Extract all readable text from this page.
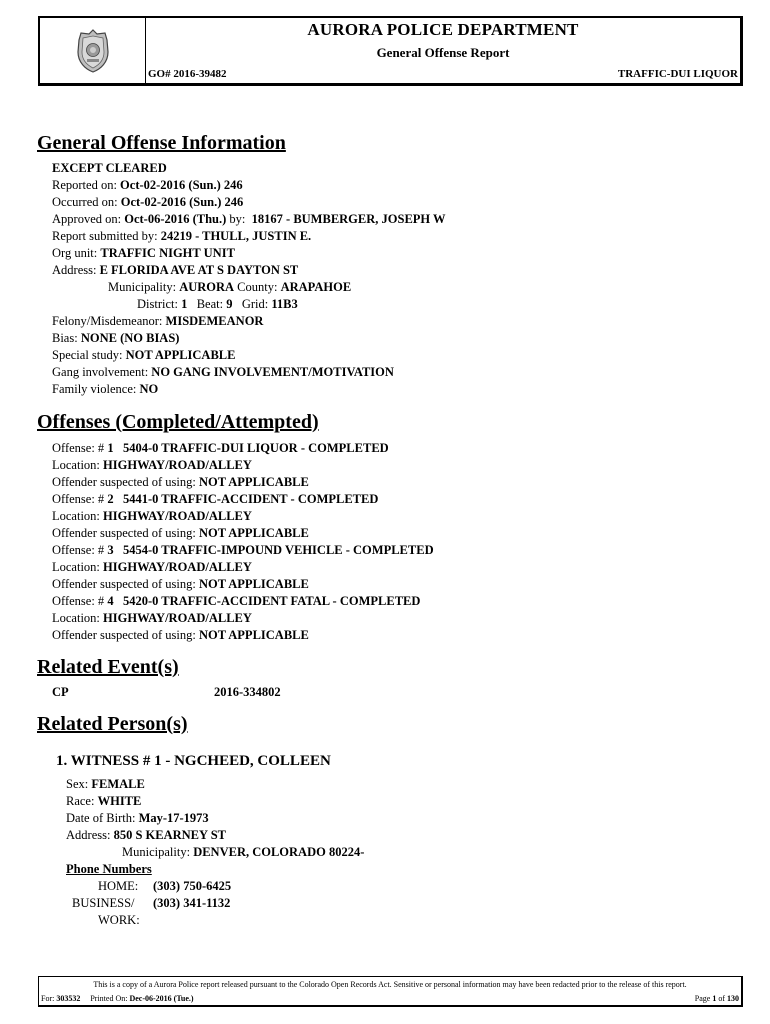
AURORA POLICE DEPARTMENT
General Offense Report
GO# 2016-39482	TRAFFIC-DUI LIQUOR
General Offense Information
EXCEPT CLEARED
Reported on: Oct-02-2016 (Sun.) 246
Occurred on: Oct-02-2016 (Sun.) 246
Approved on: Oct-06-2016 (Thu.) by: 18167 - BUMBERGER, JOSEPH W
Report submitted by: 24219 - THULL, JUSTIN E.
Org unit: TRAFFIC NIGHT UNIT
Address: E FLORIDA AVE AT S DAYTON ST
Municipality: AURORA County: ARAPAHOE
District: 1 Beat: 9 Grid: 11B3
Felony/Misdemeanor: MISDEMEANOR
Bias: NONE (NO BIAS)
Special study: NOT APPLICABLE
Gang involvement: NO GANG INVOLVEMENT/MOTIVATION
Family violence: NO
Offenses (Completed/Attempted)
Offense: # 1 5404-0 TRAFFIC-DUI LIQUOR - COMPLETED
Location: HIGHWAY/ROAD/ALLEY
Offender suspected of using: NOT APPLICABLE
Offense: # 2 5441-0 TRAFFIC-ACCIDENT - COMPLETED
Location: HIGHWAY/ROAD/ALLEY
Offender suspected of using: NOT APPLICABLE
Offense: # 3 5454-0 TRAFFIC-IMPOUND VEHICLE - COMPLETED
Location: HIGHWAY/ROAD/ALLEY
Offender suspected of using: NOT APPLICABLE
Offense: # 4 5420-0 TRAFFIC-ACCIDENT FATAL - COMPLETED
Location: HIGHWAY/ROAD/ALLEY
Offender suspected of using: NOT APPLICABLE
Related Event(s)
CP	2016-334802
Related Person(s)
1. WITNESS # 1 - NGCHEED, COLLEEN
Sex: FEMALE
Race: WHITE
Date of Birth: May-17-1973
Address: 850 S KEARNEY ST
Municipality: DENVER, COLORADO 80224-
Phone Numbers
HOME: (303) 750-6425
BUSINESS/ (303) 341-1132
WORK:
This is a copy of a Aurora Police report released pursuant to the Colorado Open Records Act. Sensitive or personal information may have been redacted prior to the release of this report.
For: 303532 Printed On: Dec-06-2016 (Tue.)	Page 1 of 130
